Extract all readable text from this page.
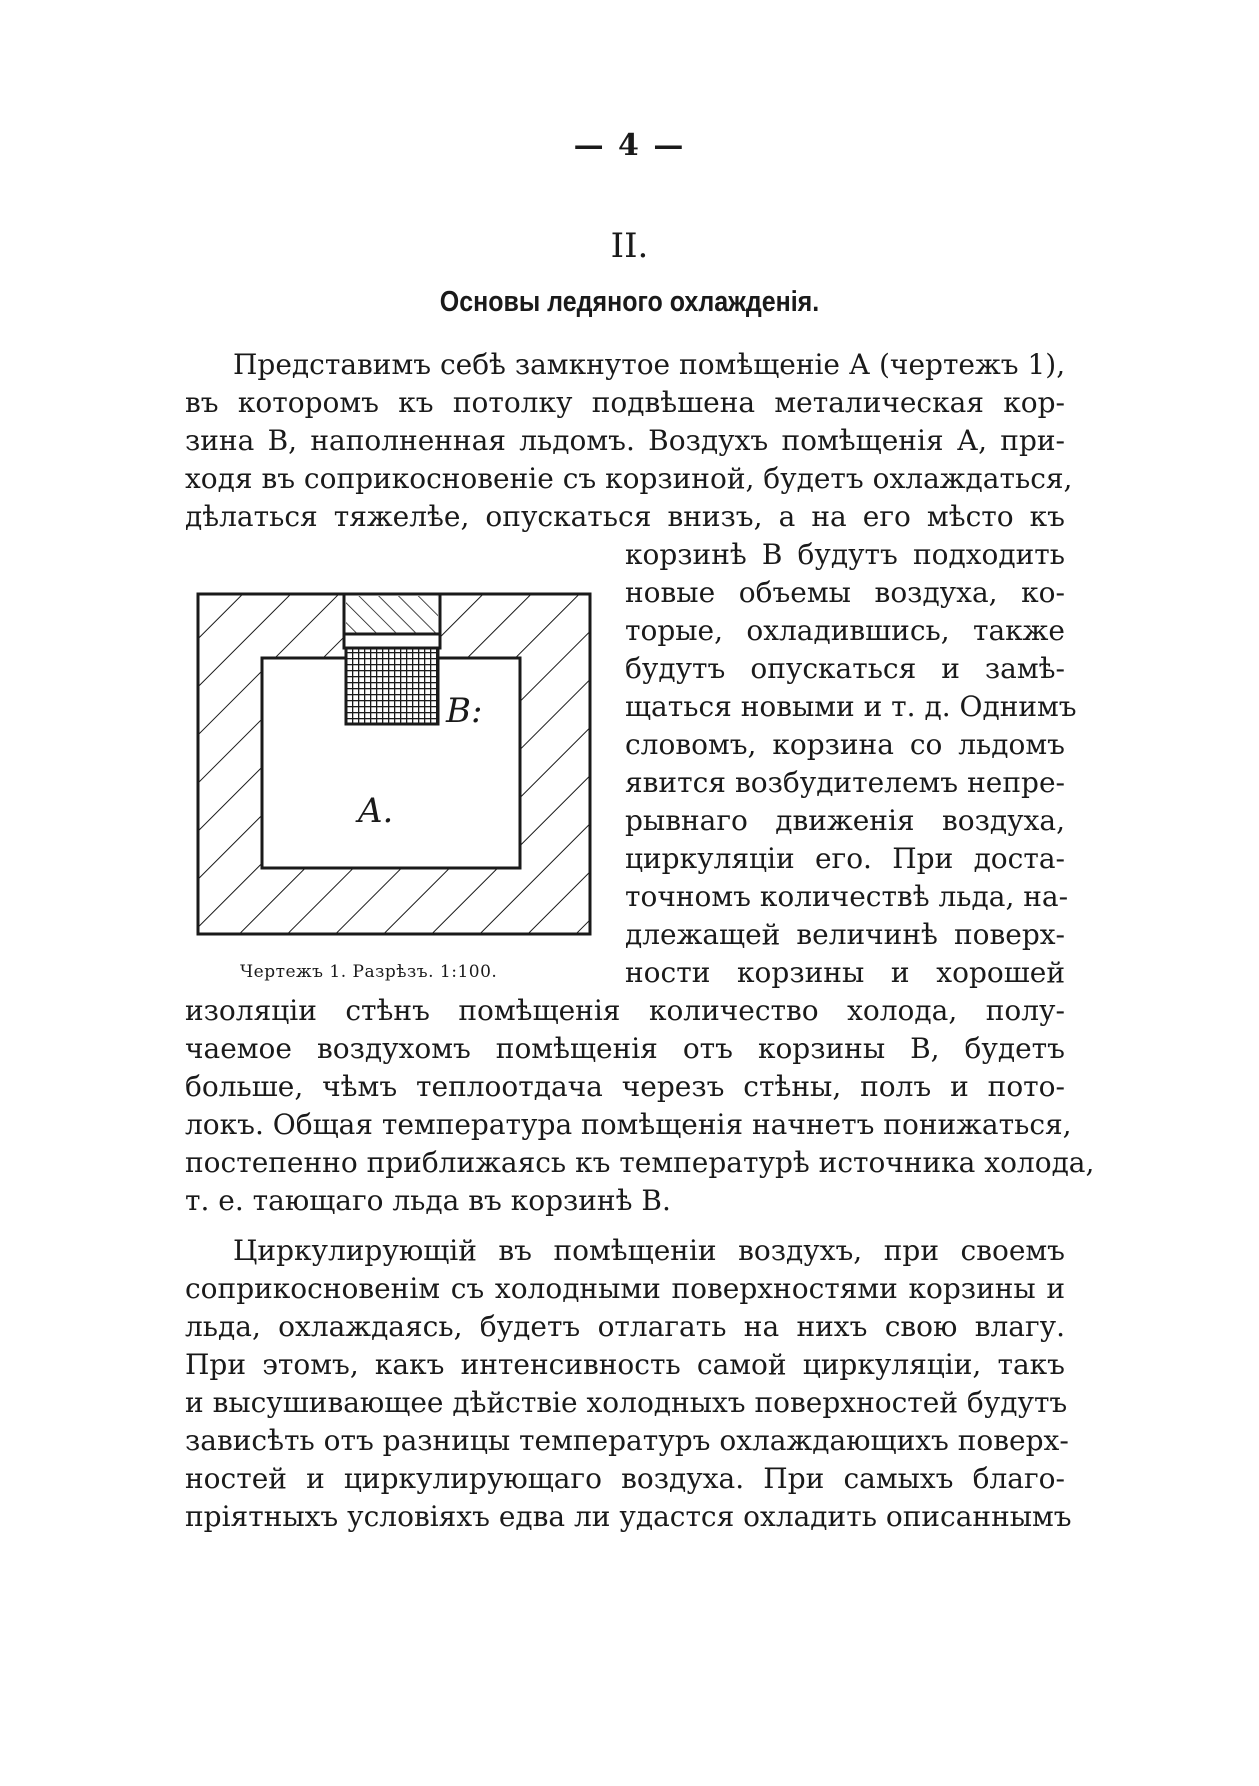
— 4 —
II.
Основы ледяного охлажденія.

Представимъ себѣ замкнутое помѣщеніе А (чертежъ 1),

въ которомъ къ потолку подвѣшена металическая кор-

зина В, наполненная льдомъ. Воздухъ помѣщенія А, при-

ходя въ соприкосновеніе съ корзиной, будетъ охлаждаться,

дѣлаться тяжелѣе, опускаться внизъ, а на его мѣсто къ

корзинѣ В будутъ подходить

новые объемы воздуха, ко-

торые, охладившись, также

будутъ опускаться и замѣ-

щаться новыми и т. д. Однимъ

словомъ, корзина со льдомъ

явится возбудителемъ непре-

рывнаго движенія воздуха,

циркуляціи его. При доста-

точномъ количествѣ льда, на-

длежащей величинѣ поверх-

ности корзины и хорошей

изоляціи стѣнъ помѣщенія количество холода, полу-

чаемое воздухомъ помѣщенія отъ корзины В, будетъ

больше, чѣмъ теплоотдача черезъ стѣны, полъ и пото-

локъ. Общая температура помѣщенія начнетъ понижаться,

постепенно приближаясь къ температурѣ источника холода,

т. е. тающаго льда въ корзинѣ В.

Циркулирующій въ помѣщеніи воздухъ, при своемъ

соприкосновенім съ холодными поверхностями корзины и

льда, охлаждаясь, будетъ отлагать на нихъ свою влагу.

При этомъ, какъ интенсивность самой циркуляціи, такъ

и высушивающее дѣйствіе холодныхъ поверхностей будутъ

зависѣть отъ разницы температуръ охлаждающихъ поверх-

ностей и циркулирующаго воздуха. При самыхъ благо-

пріятныхъ условіяхъ едва ли удастся охладить описаннымъ

B:
A.
Чертежъ 1. Разрѣзъ. 1:100.
